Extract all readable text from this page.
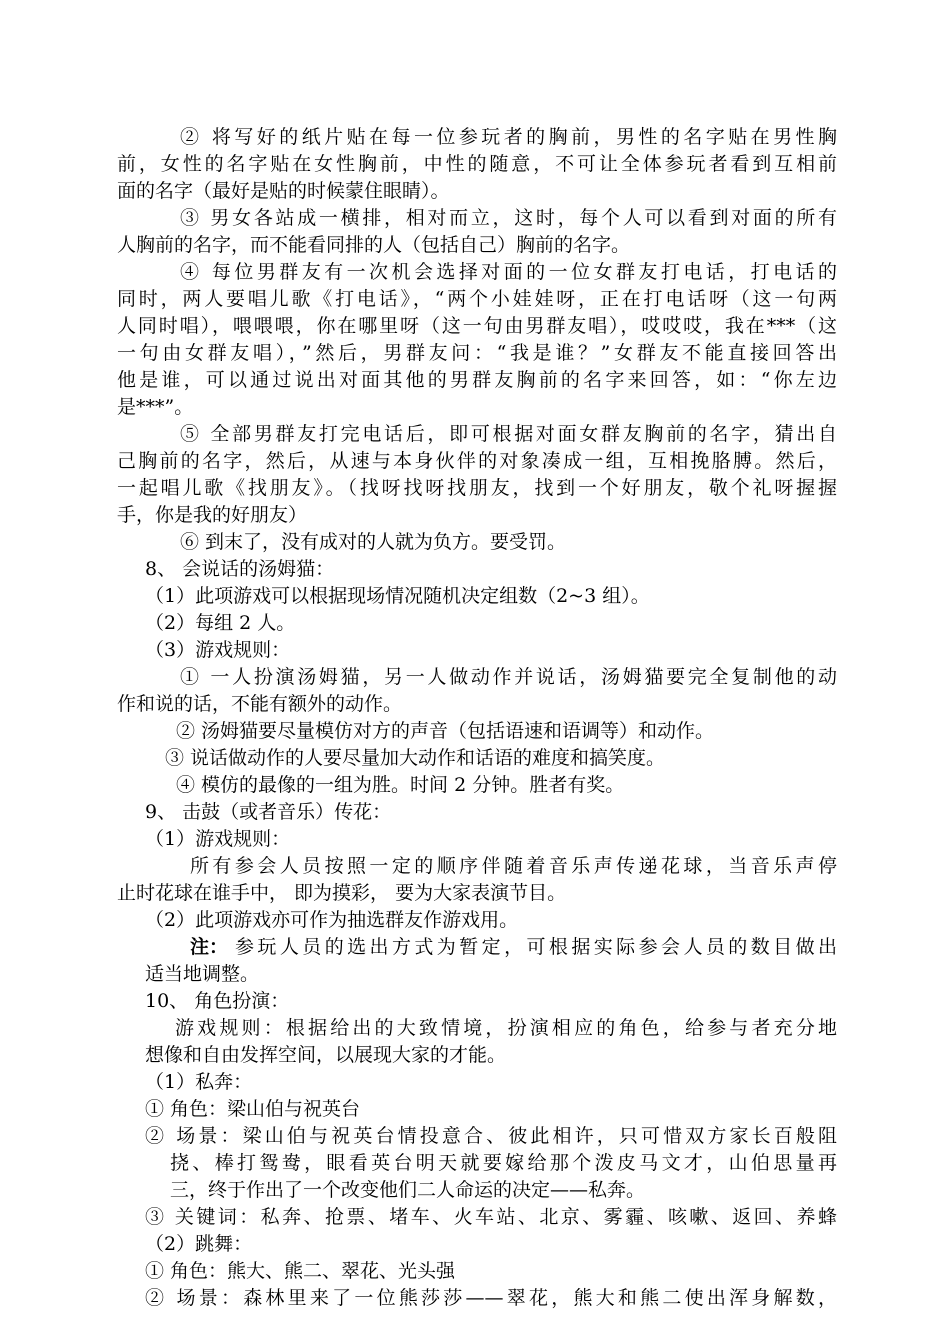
② 将写好的纸片贴在每一位参玩者的胸前，男性的名字贴在男性胸

前，女性的名字贴在女性胸前，中性的随意，不可让全体参玩者看到互相前

面的名字（最好是贴的时候蒙住眼睛）。

③ 男女各站成一横排，相对而立，这时，每个人可以看到对面的所有

人胸前的名字，而不能看同排的人（包括自己）胸前的名字。

④ 每位男群友有一次机会选择对面的一位女群友打电话，打电话的

同时，两人要唱儿歌《打电话》，“两个小娃娃呀，正在打电话呀（这一句两

人同时唱），喂喂喂，你在哪里呀（这一句由男群友唱），哎哎哎，我在***（这

一句由女群友唱），”然后，男群友问：“我是谁？”女群友不能直接回答出

他是谁，可以通过说出对面其他的男群友胸前的名字来回答，如：“你左边

是***”。

⑤ 全部男群友打完电话后，即可根据对面女群友胸前的名字，猜出自

己胸前的名字，然后，从速与本身伙伴的对象凑成一组，互相挽胳膊。然后，

一起唱儿歌《找朋友》。（找呀找呀找朋友，找到一个好朋友，敬个礼呀握握

手，你是我的好朋友）

⑥ 到末了，没有成对的人就为负方。要受罚。

8、 会说话的汤姆猫：

（1）此项游戏可以根据现场情况随机决定组数（2~3 组）。

（2）每组 2 人。

（3）游戏规则：

① 一人扮演汤姆猫，另一人做动作并说话，汤姆猫要完全复制他的动

作和说的话，不能有额外的动作。

② 汤姆猫要尽量模仿对方的声音（包括语速和语调等）和动作。

③ 说话做动作的人要尽量加大动作和话语的难度和搞笑度。

④ 模仿的最像的一组为胜。时间 2 分钟。胜者有奖。

9、 击鼓（或者音乐）传花：

（1）游戏规则：

所有参会人员按照一定的顺序伴随着音乐声传递花球，当音乐声停

止时花球在谁手中， 即为摸彩， 要为大家表演节目。

（2）此项游戏亦可作为抽选群友作游戏用。

注： 参玩人员的选出方式为暂定，可根据实际参会人员的数目做出

适当地调整。

10、 角色扮演：

游戏规则：根据给出的大致情境，扮演相应的角色，给参与者充分地

想像和自由发挥空间，以展现大家的才能。

（1）私奔：

① 角色：梁山伯与祝英台

② 场景：梁山伯与祝英台情投意合、彼此相许，只可惜双方家长百般阻

挠、棒打鸳鸯，眼看英台明天就要嫁给那个泼皮马文才，山伯思量再

三，终于作出了一个改变他们二人命运的决定——私奔。

③ 关键词：私奔、抢票、堵车、火车站、北京、雾霾、咳嗽、返回、养蜂

（2）跳舞：

① 角色：熊大、熊二、翠花、光头强

② 场景：森林里来了一位熊莎莎——翠花，熊大和熊二使出浑身解数，
